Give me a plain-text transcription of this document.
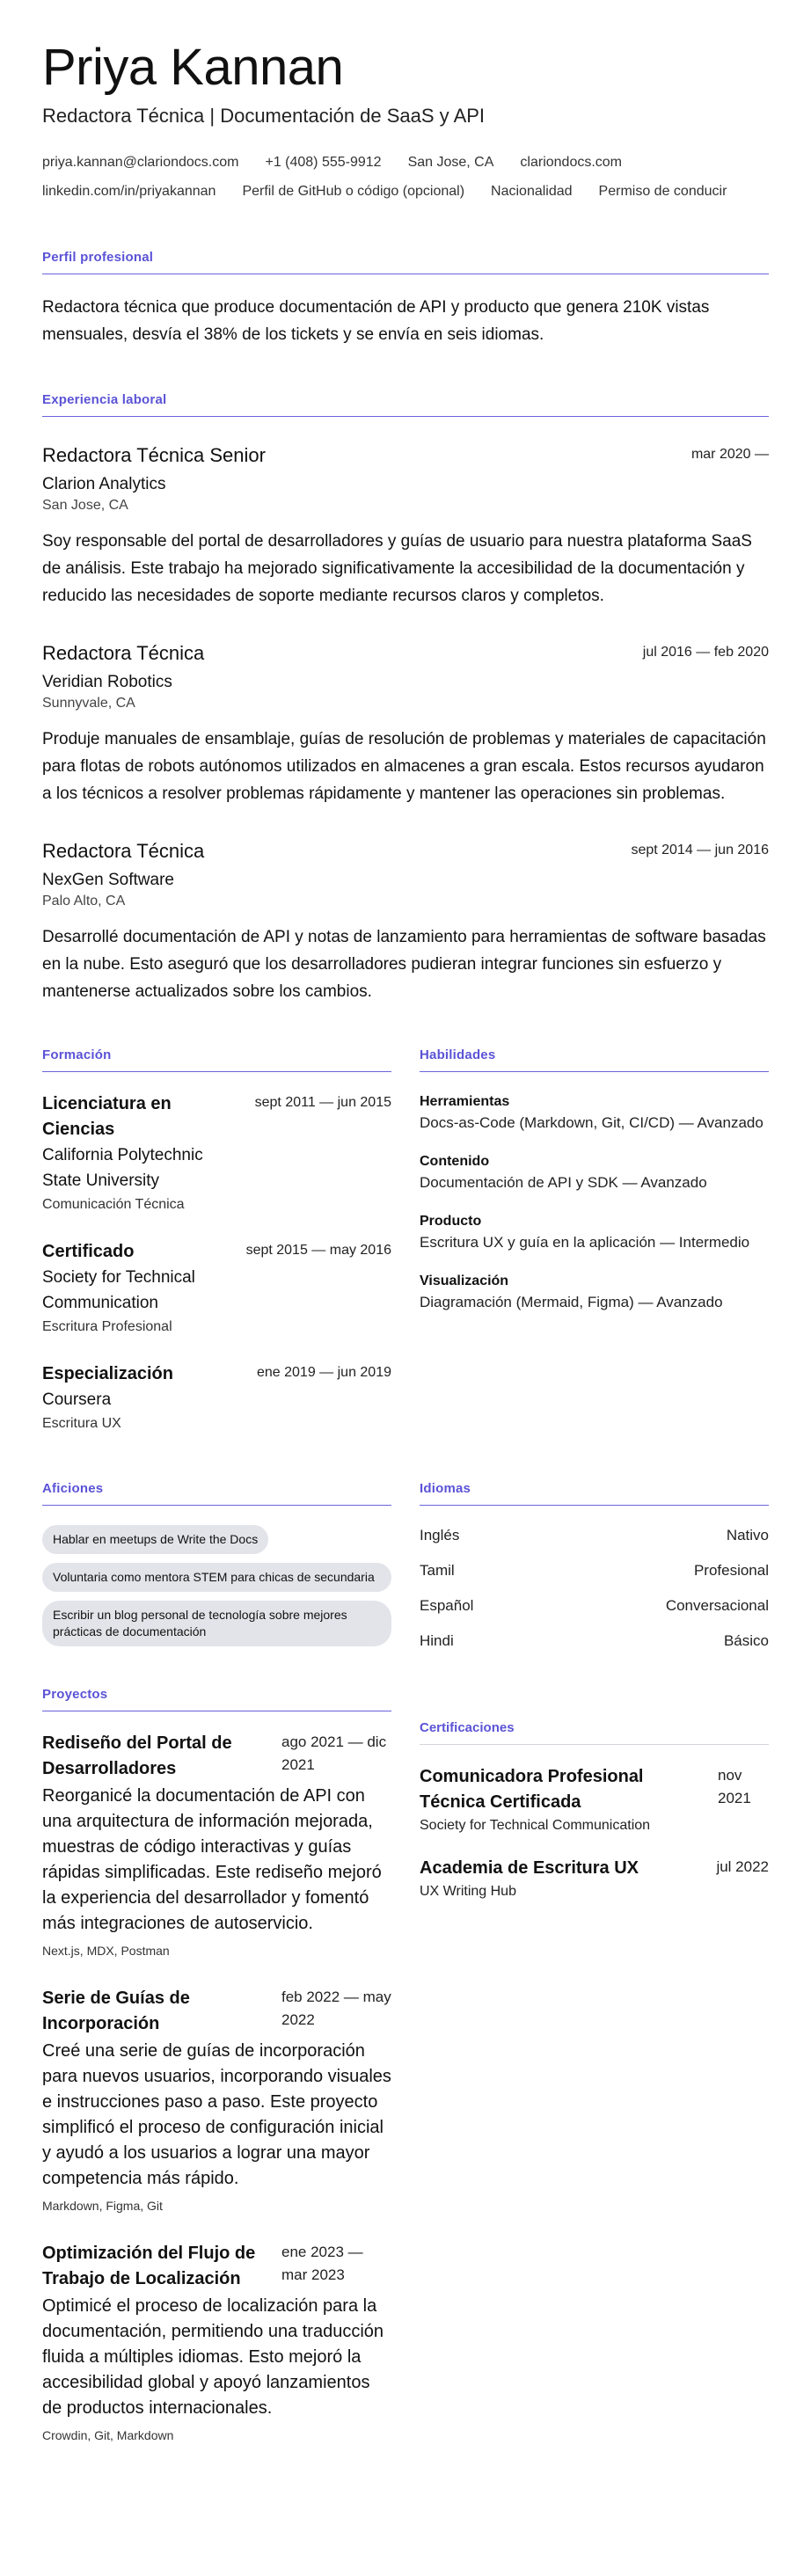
Priya Kannan
Redactora Técnica | Documentación de SaaS y API
priya.kannan@clariondocs.com +1 (408) 555-9912 San Jose, CA clariondocs.com
linkedin.com/in/priyakannan Perfil de GitHub o código (opcional) Nacionalidad Permiso de conducir
Perfil profesional
Redactora técnica que produce documentación de API y producto que genera 210K vistas mensuales, desvía el 38% de los tickets y se envía en seis idiomas.
Experiencia laboral
Redactora Técnica Senior	mar 2020 —
Clarion Analytics
San Jose, CA
Soy responsable del portal de desarrolladores y guías de usuario para nuestra plataforma SaaS de análisis. Este trabajo ha mejorado significativamente la accesibilidad de la documentación y reducido las necesidades de soporte mediante recursos claros y completos.
Redactora Técnica	jul 2016 — feb 2020
Veridian Robotics
Sunnyvale, CA
Produje manuales de ensamblaje, guías de resolución de problemas y materiales de capacitación para flotas de robots autónomos utilizados en almacenes a gran escala. Estos recursos ayudaron a los técnicos a resolver problemas rápidamente y mantener las operaciones sin problemas.
Redactora Técnica	sept 2014 — jun 2016
NexGen Software
Palo Alto, CA
Desarrollé documentación de API y notas de lanzamiento para herramientas de software basadas en la nube. Esto aseguró que los desarrolladores pudieran integrar funciones sin esfuerzo y mantenerse actualizados sobre los cambios.
Formación
Licenciatura en Ciencias
sept 2011 — jun 2015
California Polytechnic State University
Comunicación Técnica
Certificado	sept 2015 — may 2016
Society for Technical Communication
Escritura Profesional
Especialización	ene 2019 — jun 2019
Coursera
Escritura UX
Habilidades
Herramientas
Docs-as-Code (Markdown, Git, CI/CD) — Avanzado
Contenido
Documentación de API y SDK — Avanzado
Producto
Escritura UX y guía en la aplicación — Intermedio
Visualización
Diagramación (Mermaid, Figma) — Avanzado
Aficiones
Hablar en meetups de Write the Docs
Voluntaria como mentora STEM para chicas de secundaria
Escribir un blog personal de tecnología sobre mejores prácticas de documentación
Idiomas
Inglés	Nativo
Tamil	Profesional
Español	Conversacional
Hindi	Básico
Proyectos
Rediseño del Portal de Desarrolladores
ago 2021 — dic 2021
Reorganicé la documentación de API con una arquitectura de información mejorada, muestras de código interactivas y guías rápidas simplificadas. Este rediseño mejoró la experiencia del desarrollador y fomentó más integraciones de autoservicio.
Next.js, MDX, Postman
Serie de Guías de Incorporación
feb 2022 — may 2022
Creé una serie de guías de incorporación para nuevos usuarios, incorporando visuales e instrucciones paso a paso. Este proyecto simplificó el proceso de configuración inicial y ayudó a los usuarios a lograr una mayor competencia más rápido.
Markdown, Figma, Git
Optimización del Flujo de Trabajo de Localización
ene 2023 — mar 2023
Optimicé el proceso de localización para la documentación, permitiendo una traducción fluida a múltiples idiomas. Esto mejoró la accesibilidad global y apoyó lanzamientos de productos internacionales.
Crowdin, Git, Markdown
Certificaciones
Comunicadora Profesional Técnica Certificada
nov 2021
Society for Technical Communication
Academia de Escritura UX	jul 2022
UX Writing Hub
